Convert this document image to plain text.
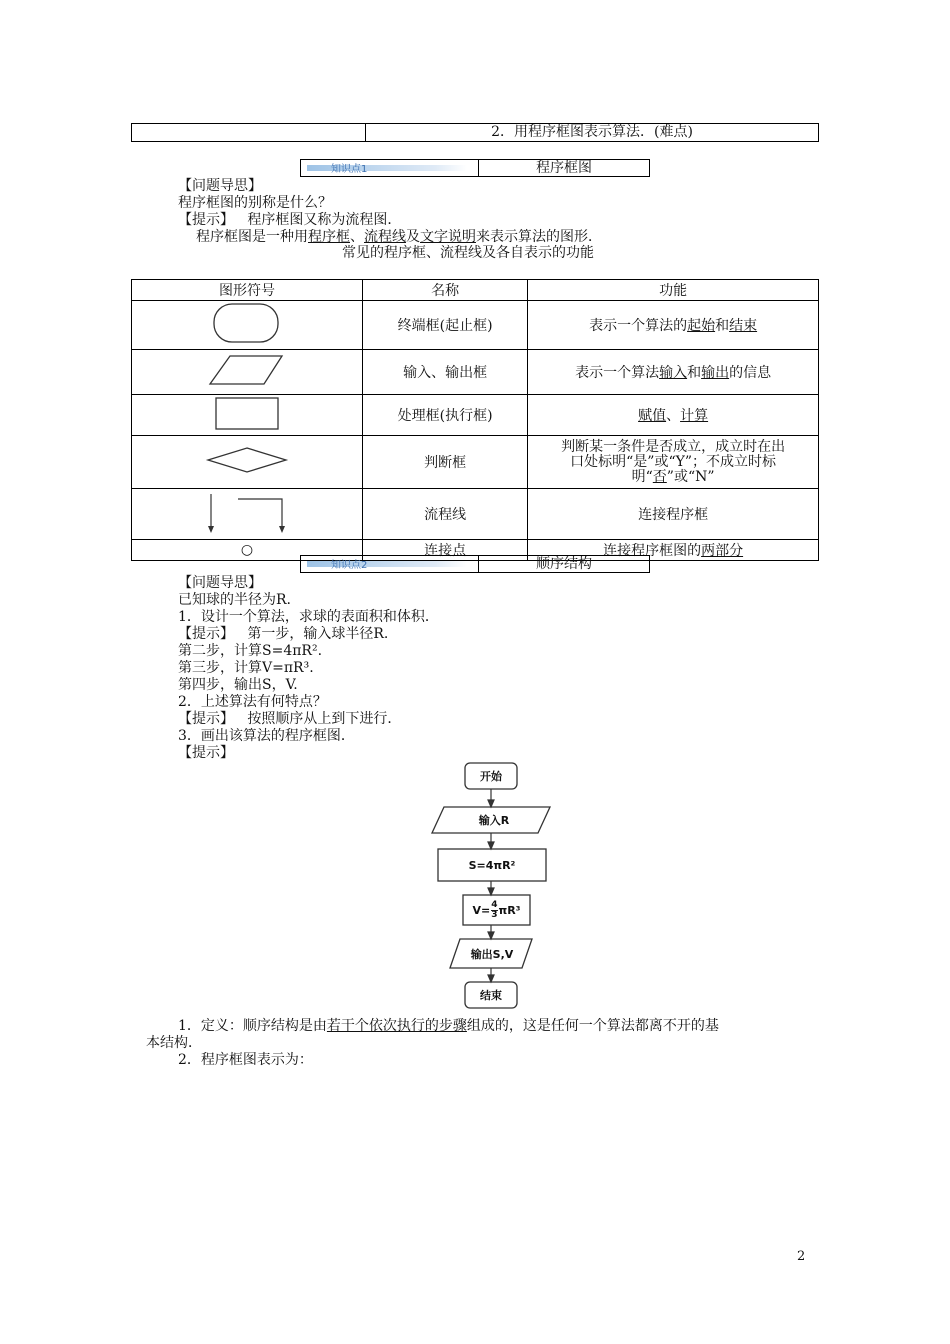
2．用程序框图表示算法．(难点)
知识点1	程序框图
【问题导思】
程序框图的别称是什么？
【提示】 程序框图又称为流程图．
程序框图是一种用程序框、流程线及文字说明来表示算法的图形．
常见的程序框、流程线及各自表示的功能
图形符号	名称	功能
	终端框(起止框)	表示一个算法的起始和结束
	输入、输出框	表示一个算法输入和输出的信息
	处理框(执行框)	赋值、计算
	判断框	判断某一条件是否成立，成立时在出
口处标明“是”或“Y”；不成立时标
明“否”或“N”

	流程线	连接程序框
○	连接点	连接程序框图的两部分
知识点2	顺序结构
【问题导思】
已知球的半径为R.
1．设计一个算法，求球的表面积和体积．
【提示】 第一步，输入球半径R.
第二步，计算S=4πR².
第三步，计算V=πR³.
第四步，输出S，V.
2．上述算法有何特点？
【提示】 按照顺序从上到下进行．
3．画出该算法的程序框图．
【提示】
开始
输入R
S=4πR²
$V= \frac{4}{3} \pi R^3$
输出S,V
结束
1．定义：顺序结构是由若干个依次执行的步骤组成的，这是任何一个算法都离不开的基
本结构．
2．程序框图表示为：
2
